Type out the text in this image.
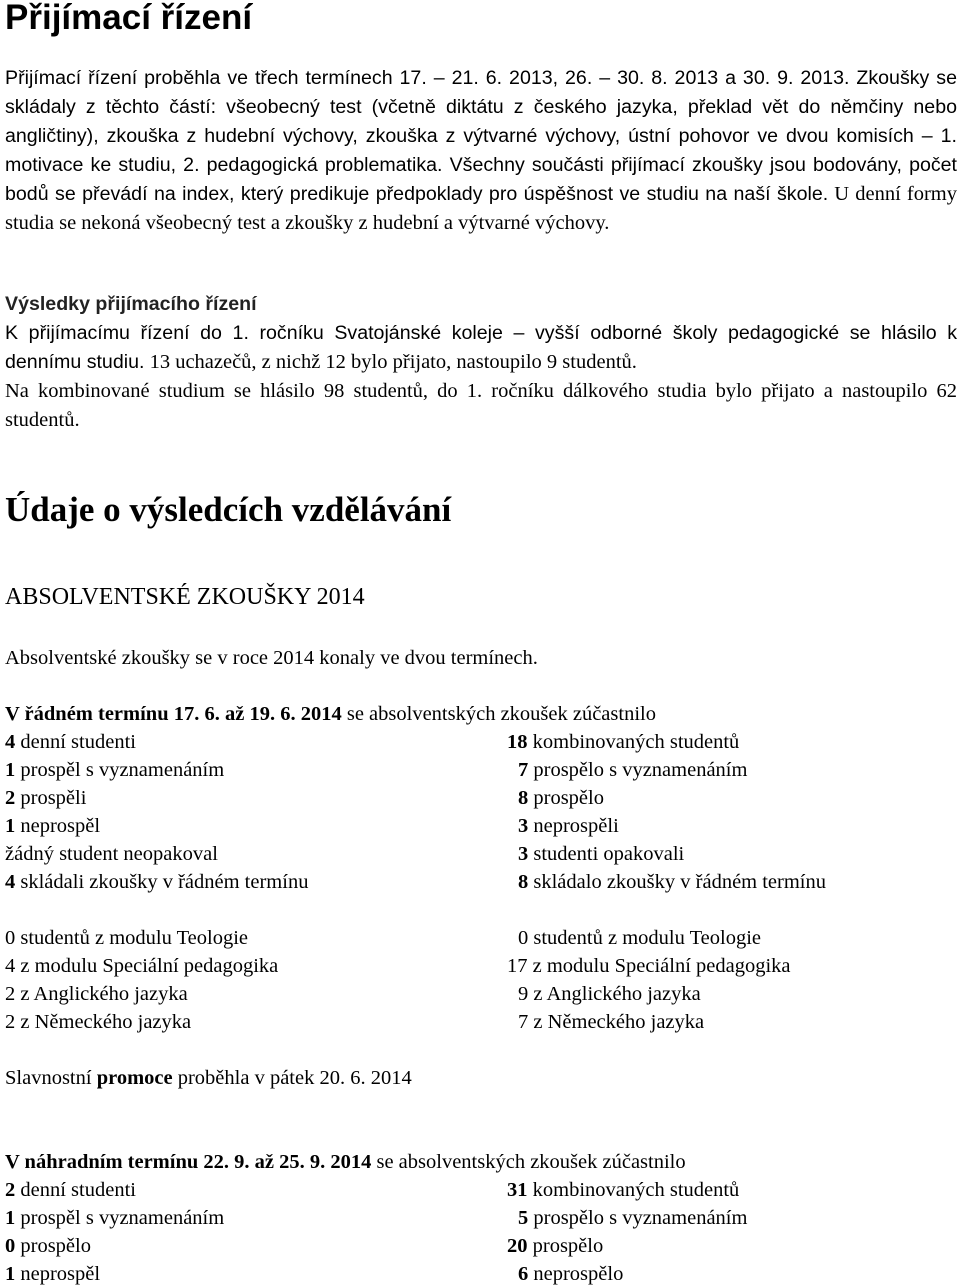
Přijímací řízení

Přijímací řízení proběhla ve třech termínech 17. – 21. 6. 2013, 26. – 30. 8. 2013 a 30. 9. 2013. Zkoušky se skládaly z těchto částí: všeobecný test (včetně diktátu z českého jazyka, překlad vět do němčiny nebo angličtiny), zkouška z hudební výchovy, zkouška z výtvarné výchovy, ústní pohovor ve dvou komisích – 1. motivace ke studiu, 2. pedagogická problematika. Všechny součásti přijímací zkoušky jsou bodovány, počet bodů se převádí na index, který predikuje předpoklady pro úspěšnost ve studiu na naší škole. U denní formy studia se nekoná všeobecný test a zkoušky z hudební a výtvarné výchovy.

Výsledky přijímacího řízení

K přijímacímu řízení do 1. ročníku Svatojánské koleje – vyšší odborné školy pedagogické se hlásilo k dennímu studiu. 13 uchazečů, z nichž 12 bylo přijato, nastoupilo 9 studentů.

Na kombinované studium se hlásilo 98 studentů, do 1. ročníku dálkového studia bylo přijato a nastoupilo 62 studentů.

Údaje o výsledcích vzdělávání
ABSOLVENTSKÉ ZKOUŠKY 2014
Absolventské zkoušky se v roce 2014 konaly ve dvou termínech.
V řádném termínu 17. 6. až 19. 6. 2014 se absolventských zkoušek zúčastnilo
4 denní studenti	18 kombinovaných studentů
1 prospěl s vyznamenáním	7 prospělo s vyznamenáním
2 prospěli	8 prospělo
1 neprospěl	3 neprospěli
žádný student neopakoval	3 studenti opakovali
4 skládali zkoušky v řádném termínu	8 skládalo zkoušky v řádném termínu
0 studentů z modulu Teologie	0 studentů z modulu Teologie
4 z modulu Speciální pedagogika	17 z modulu Speciální pedagogika
2 z Anglického jazyka	9 z Anglického jazyka
2 z Německého jazyka	7 z Německého jazyka
Slavnostní promoce proběhla v pátek 20. 6. 2014
V náhradním termínu 22. 9. až 25. 9. 2014 se absolventských zkoušek zúčastnilo
2 denní studenti	31 kombinovaných studentů
1 prospěl s vyznamenáním	5 prospělo s vyznamenáním
0 prospělo	20 prospělo
1 neprospěl	6 neprospělo
